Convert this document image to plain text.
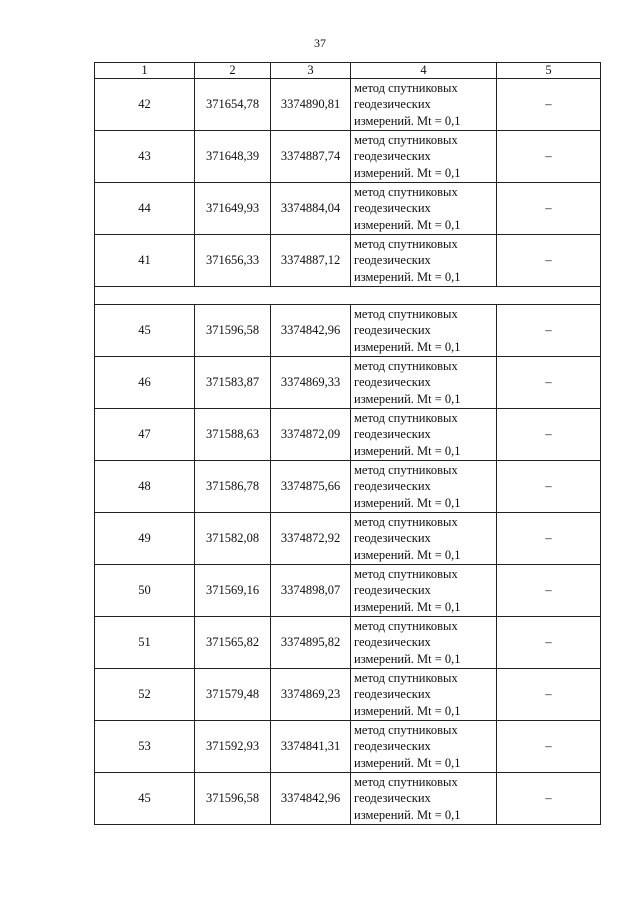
37
1	2	3	4	5
42	371654,78	3374890,81	метод спутниковых
геодезических
измерений. Mt = 0,1	–
43	371648,39	3374887,74	метод спутниковых
геодезических
измерений. Mt = 0,1	–
44	371649,93	3374884,04	метод спутниковых
геодезических
измерений. Mt = 0,1	–
41	371656,33	3374887,12	метод спутниковых
геодезических
измерений. Mt = 0,1	–

45	371596,58	3374842,96	метод спутниковых
геодезических
измерений. Mt = 0,1	–
46	371583,87	3374869,33	метод спутниковых
геодезических
измерений. Mt = 0,1	–
47	371588,63	3374872,09	метод спутниковых
геодезических
измерений. Mt = 0,1	–
48	371586,78	3374875,66	метод спутниковых
геодезических
измерений. Mt = 0,1	–
49	371582,08	3374872,92	метод спутниковых
геодезических
измерений. Mt = 0,1	–
50	371569,16	3374898,07	метод спутниковых
геодезических
измерений. Mt = 0,1	–
51	371565,82	3374895,82	метод спутниковых
геодезических
измерений. Mt = 0,1	–
52	371579,48	3374869,23	метод спутниковых
геодезических
измерений. Mt = 0,1	–
53	371592,93	3374841,31	метод спутниковых
геодезических
измерений. Mt = 0,1	–
45	371596,58	3374842,96	метод спутниковых
геодезических
измерений. Mt = 0,1	–
